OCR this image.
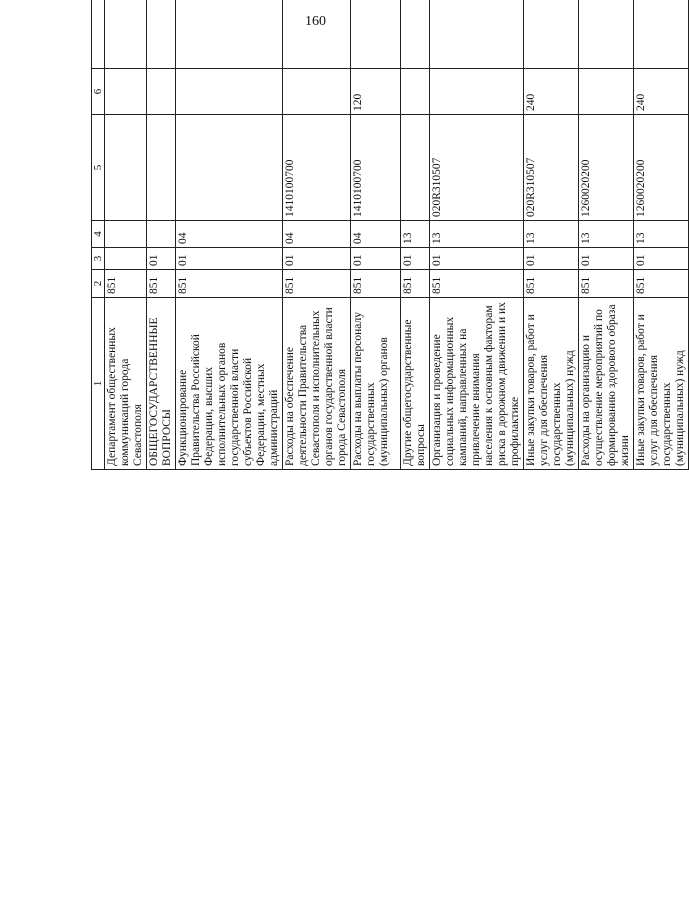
160
1	2	3	4	5	6			
Департамент общественных коммуникаций города Севастополя	851							
ОБЩЕГОСУДАРСТВЕННЫЕ ВОПРОСЫ	851	01						
Функционирование Правительства Российской Федерации, высших исполнительных органов государственной власти субъектов Российской Федерации, местных администраций	851	01	04					
Расходы на обеспечение деятельности Правительства Севастополя и исполнительных органов государственной власти города Севастополя	851	01	04	1410100700				
Расходы на выплаты персоналу государственных (муниципальных) органов	851	01	04	1410100700	120			
Другие общегосударственные вопросы	851	01	13					
Организация и проведение социальных информационных кампаний, направленных на привлечение внимания населения к основным факторам риска в дорожном движении и их профилактике	851	01	13	020R310507				
Иные закупки товаров, работ и услуг для обеспечения государственных (муниципальных) нужд	851	01	13	020R310507	240			
Расходы на организацию и осуществление мероприятий по формированию здорового образа жизни	851	01	13	1260020200				
Иные закупки товаров, работ и услуг для обеспечения государственных (муниципальных) нужд	851	01	13	1260020200	240			
